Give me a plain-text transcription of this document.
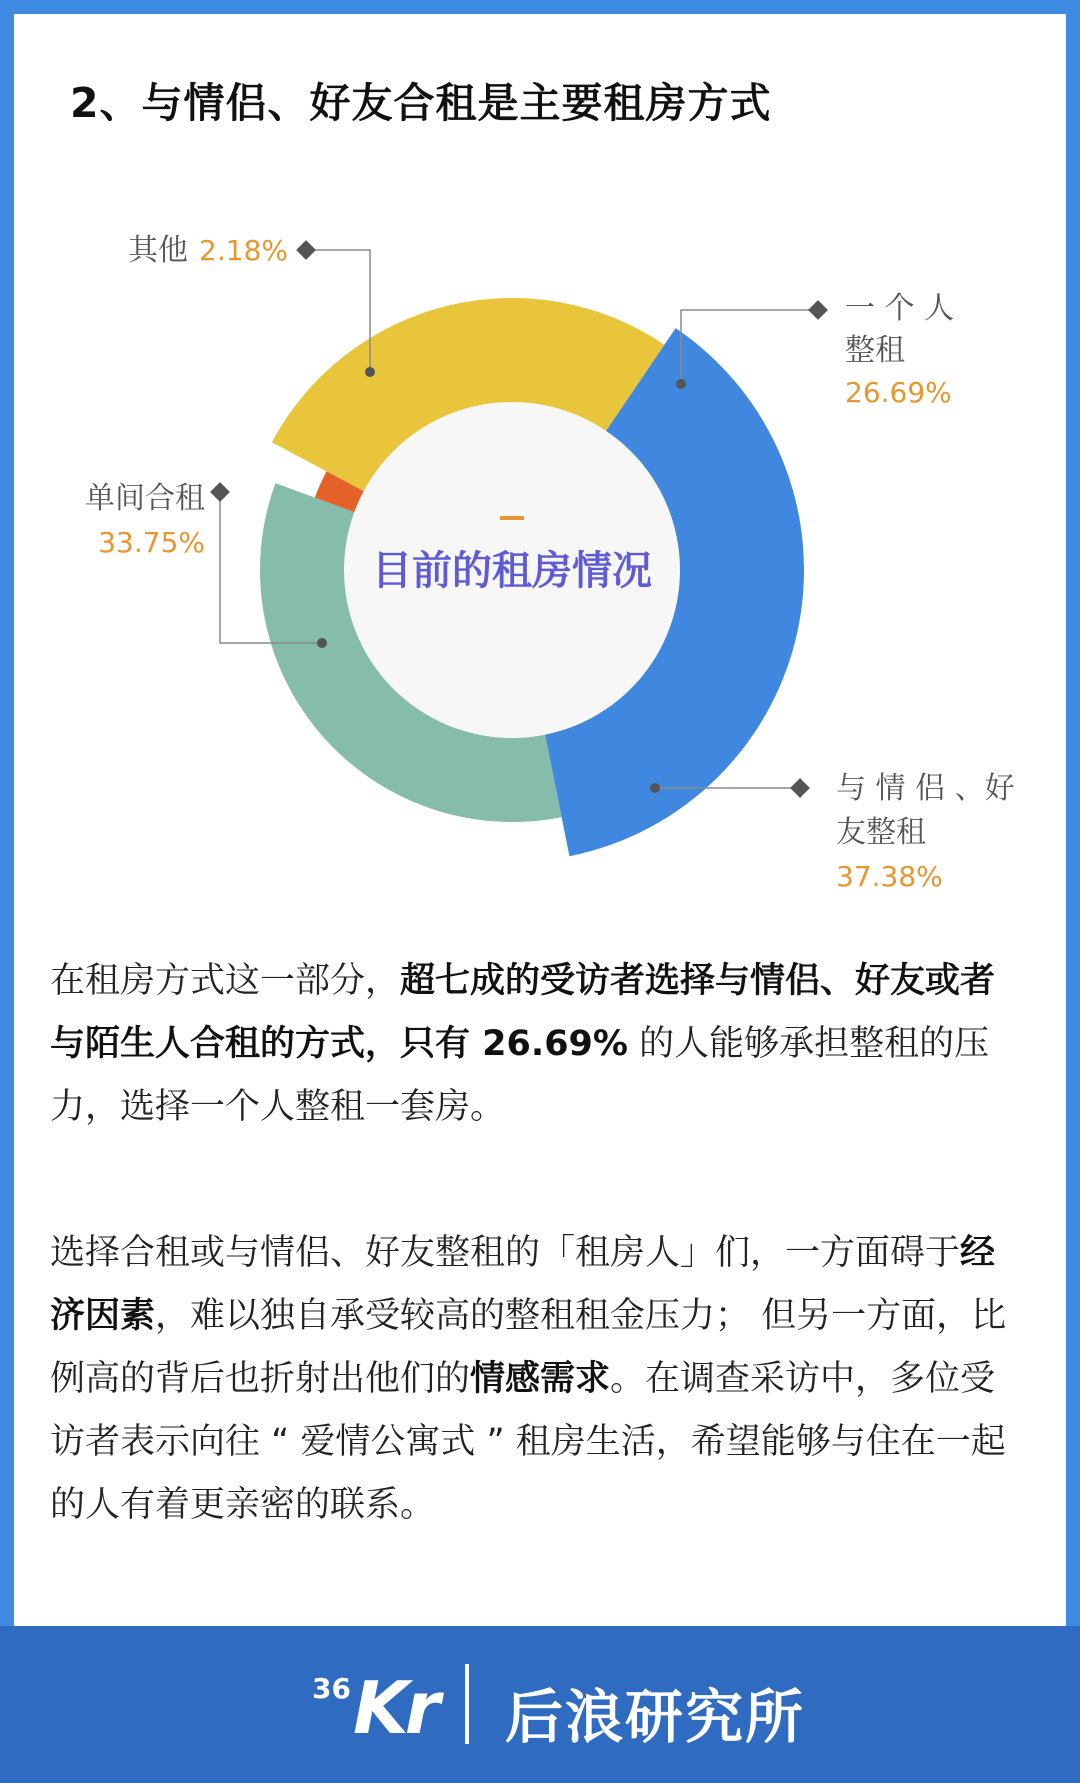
2、与情侣、好友合租是主要租房方式
目前的租房情况
一 个 人
整租
26.69%
与 情 侣 、好
友整租
37.38%
单间合租
33.75%
其他 2.18%

在租房方式这一部分，超七成的受访者选择与情侣、好友或者与陌生人合租的方式，只有 26.69% 的人能够承担整租的压力，选择一个人整租一套房。

选择合租或与情侣、好友整租的「租房人」们，一方面碍于经济因素，难以独自承受较高的整租租金压力； 但另一方面，比例高的背后也折射出他们的情感需求。在调查采访中，多位受访者表示向往 “ 爱情公寓式 ” 租房生活，希望能够与住在一起的人有着更亲密的联系。

36 Kr 后浪研究所
